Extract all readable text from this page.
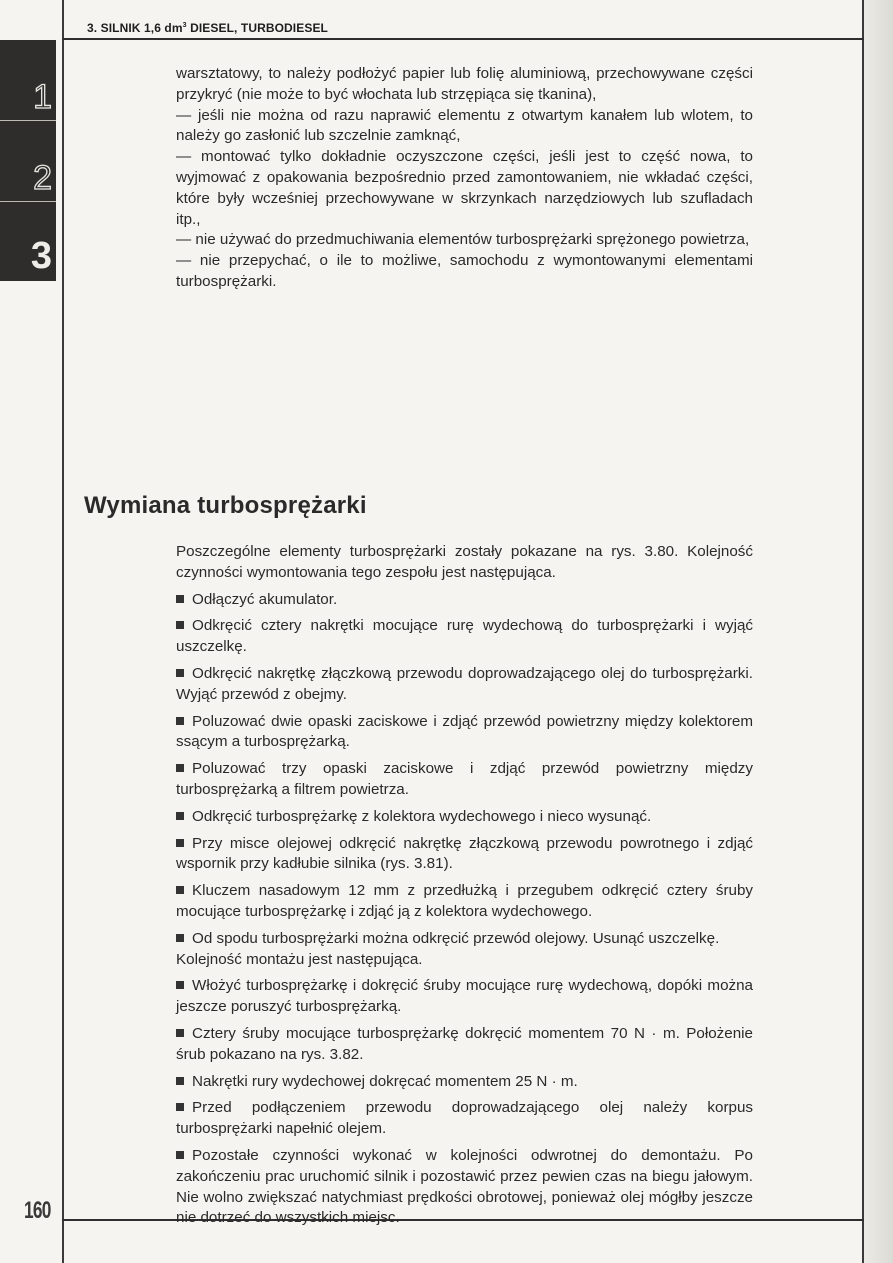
3. SILNIK 1,6 $dm^3$ DIESEL, TURBODIESEL
1
2
3

warsztatowy, to należy podłożyć papier lub folię aluminiową, przechowywane części przykryć (nie może to być włochata lub strzępiąca się tkanina),

— jeśli nie można od razu naprawić elementu z otwartym kanałem lub wlotem, to należy go zasłonić lub szczelnie zamknąć,

— montować tylko dokładnie oczyszczone części, jeśli jest to część nowa, to wyjmować z opakowania bezpośrednio przed zamontowaniem, nie wkładać części, które były wcześniej przechowywane w skrzynkach narzędziowych lub szufladach itp.,

— nie używać do przedmuchiwania elementów turbosprężarki sprężonego powietrza,

— nie przepychać, o ile to możliwe, samochodu z wymontowanymi elementami turbosprężarki.

Wymiana turbosprężarki

Poszczególne elementy turbosprężarki zostały pokazane na rys. 3.80. Kolejność czynności wymontowania tego zespołu jest następująca.

Odłączyć akumulator.

Odkręcić cztery nakrętki mocujące rurę wydechową do turbosprężarki i wyjąć uszczelkę.

Odkręcić nakrętkę złączkową przewodu doprowadzającego olej do turbosprężarki. Wyjąć przewód z obejmy.

Poluzować dwie opaski zaciskowe i zdjąć przewód powietrzny między kolektorem ssącym a turbosprężarką.

Poluzować trzy opaski zaciskowe i zdjąć przewód powietrzny między turbosprężarką a filtrem powietrza.

Odkręcić turbosprężarkę z kolektora wydechowego i nieco wysunąć.

Przy misce olejowej odkręcić nakrętkę złączkową przewodu powrotnego i zdjąć wspornik przy kadłubie silnika (rys. 3.81).

Kluczem nasadowym 12 mm z przedłużką i przegubem odkręcić cztery śruby mocujące turbosprężarkę i zdjąć ją z kolektora wydechowego.

Od spodu turbosprężarki można odkręcić przewód olejowy. Usunąć uszczelkę.

Kolejność montażu jest następująca.

Włożyć turbosprężarkę i dokręcić śruby mocujące rurę wydechową, dopóki można jeszcze poruszyć turbosprężarką.

Cztery śruby mocujące turbosprężarkę dokręcić momentem 70 N · m. Położenie śrub pokazano na rys. 3.82.

Nakrętki rury wydechowej dokręcać momentem 25 N · m.

Przed podłączeniem przewodu doprowadzającego olej należy korpus turbosprężarki napełnić olejem.

Pozostałe czynności wykonać w kolejności odwrotnej do demontażu. Po zakończeniu prac uruchomić silnik i pozostawić przez pewien czas na biegu jałowym. Nie wolno zwiększać natychmiast prędkości obrotowej, ponieważ olej mógłby jeszcze nie dotrzeć do wszystkich miejsc.

160
